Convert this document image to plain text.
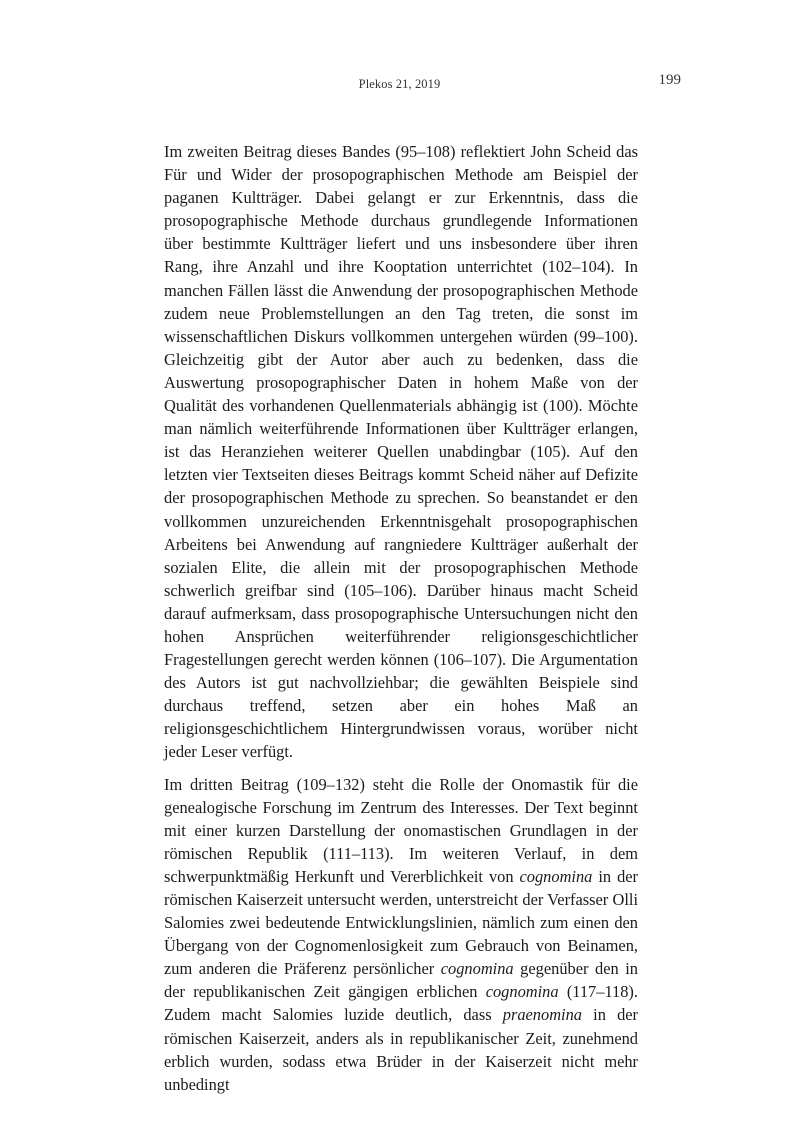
Plekos 21, 2019	199

Im zweiten Beitrag dieses Bandes (95–108) reflektiert John Scheid das Für und Wider der prosopographischen Methode am Beispiel der paganen Kultträger. Dabei gelangt er zur Erkenntnis, dass die prosopographische Methode durchaus grundlegende Informationen über bestimmte Kultträger liefert und uns insbesondere über ihren Rang, ihre Anzahl und ihre Kooptation unterrichtet (102–104). In manchen Fällen lässt die Anwendung der prosopographischen Methode zudem neue Problemstellungen an den Tag treten, die sonst im wissenschaftlichen Diskurs vollkommen untergehen würden (99–100). Gleichzeitig gibt der Autor aber auch zu bedenken, dass die Auswertung prosopographischer Daten in hohem Maße von der Qualität des vorhandenen Quellenmaterials abhängig ist (100). Möchte man nämlich weiterführende Informationen über Kultträger erlangen, ist das Heranziehen weiterer Quellen unabdingbar (105). Auf den letzten vier Textseiten dieses Beitrags kommt Scheid näher auf Defizite der prosopographischen Methode zu sprechen. So beanstandet er den vollkommen unzureichenden Erkenntnisgehalt prosopographischen Arbeitens bei Anwendung auf rangniedere Kultträger außerhalt der sozialen Elite, die allein mit der prosopographischen Methode schwerlich greifbar sind (105–106). Darüber hinaus macht Scheid darauf aufmerksam, dass prosopographische Untersuchungen nicht den hohen Ansprüchen weiterführender religionsgeschichtlicher Fragestellungen gerecht werden können (106–107). Die Argumentation des Autors ist gut nachvollziehbar; die gewählten Beispiele sind durchaus treffend, setzen aber ein hohes Maß an religionsgeschichtlichem Hintergrundwissen voraus, worüber nicht jeder Leser verfügt.

Im dritten Beitrag (109–132) steht die Rolle der Onomastik für die genealogische Forschung im Zentrum des Interesses. Der Text beginnt mit einer kurzen Darstellung der onomastischen Grundlagen in der römischen Republik (111–113). Im weiteren Verlauf, in dem schwerpunktmäßig Herkunft und Vererblichkeit von cognomina in der römischen Kaiserzeit untersucht werden, unterstreicht der Verfasser Olli Salomies zwei bedeutende Entwicklungslinien, nämlich zum einen den Übergang von der Cognomenlosigkeit zum Gebrauch von Beinamen, zum anderen die Präferenz persönlicher cognomina gegenüber den in der republikanischen Zeit gängigen erblichen cognomina (117–118). Zudem macht Salomies luzide deutlich, dass praenomina in der römischen Kaiserzeit, anders als in republikanischer Zeit, zunehmend erblich wurden, sodass etwa Brüder in der Kaiserzeit nicht mehr unbedingt
